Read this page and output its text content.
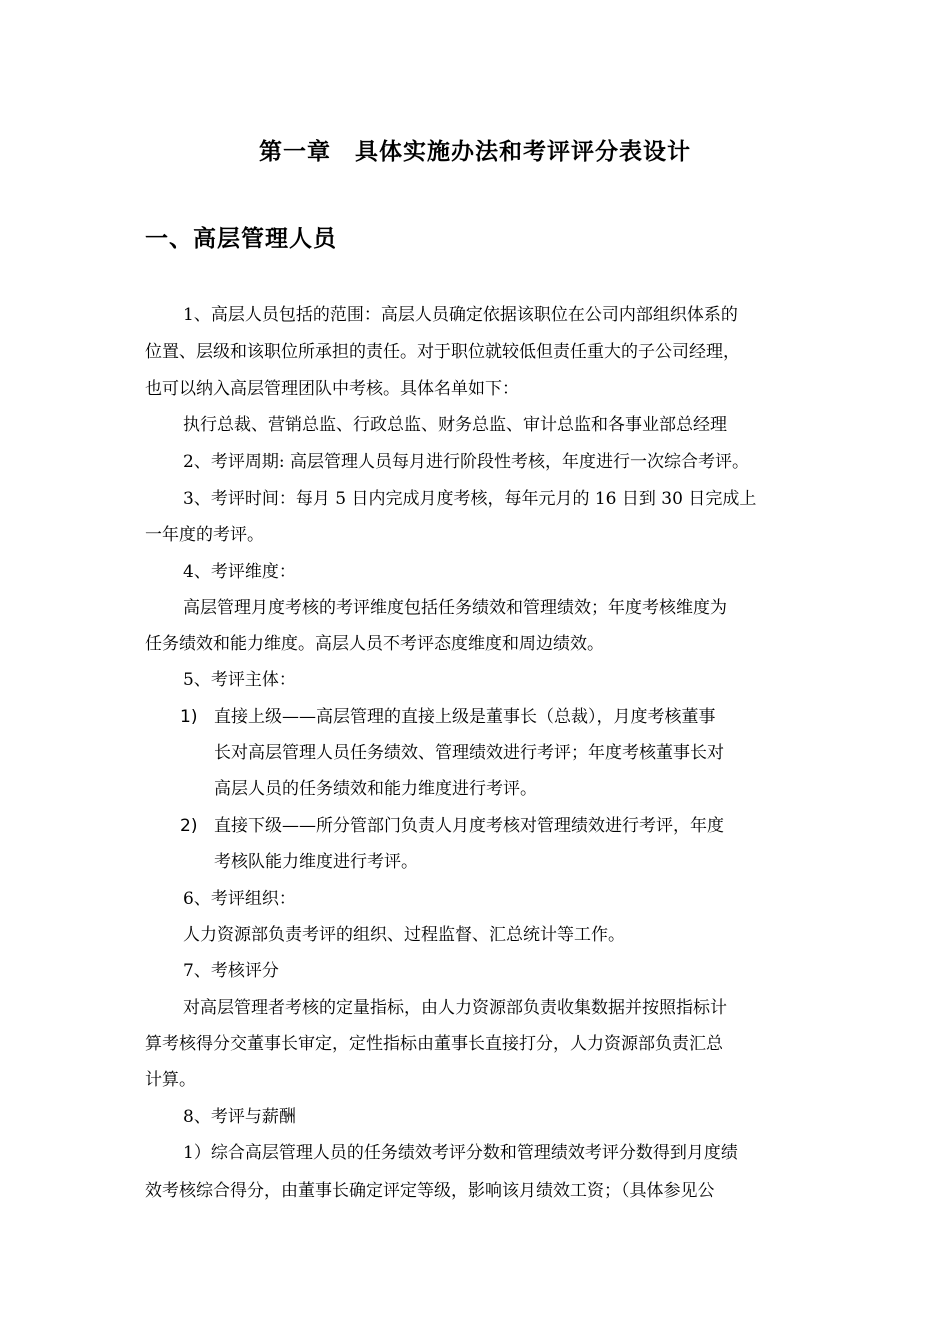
第一章　具体实施办法和考评评分表设计
一、高层管理人员
1、高层人员包括的范围：高层人员确定依据该职位在公司内部组织体系的
位置、层级和该职位所承担的责任。对于职位就较低但责任重大的子公司经理，
也可以纳入高层管理团队中考核。具体名单如下：
执行总裁、营销总监、行政总监、财务总监、审计总监和各事业部总经理
2、考评周期: 高层管理人员每月进行阶段性考核，年度进行一次综合考评。
3、考评时间：每月 5 日内完成月度考核，每年元月的 16 日到 30 日完成上
一年度的考评。
4、考评维度：
高层管理月度考核的考评维度包括任务绩效和管理绩效；年度考核维度为
任务绩效和能力维度。高层人员不考评态度维度和周边绩效。
5、考评主体：
1) 直接上级——高层管理的直接上级是董事长（总裁），月度考核董事
长对高层管理人员任务绩效、管理绩效进行考评；年度考核董事长对
高层人员的任务绩效和能力维度进行考评。
2) 直接下级——所分管部门负责人月度考核对管理绩效进行考评，年度
考核队能力维度进行考评。
6、考评组织：
人力资源部负责考评的组织、过程监督、汇总统计等工作。
7、考核评分
对高层管理者考核的定量指标，由人力资源部负责收集数据并按照指标计
算考核得分交董事长审定，定性指标由董事长直接打分，人力资源部负责汇总
计算。
8、考评与薪酬
1）综合高层管理人员的任务绩效考评分数和管理绩效考评分数得到月度绩
效考核综合得分，由董事长确定评定等级，影响该月绩效工资；（具体参见公
